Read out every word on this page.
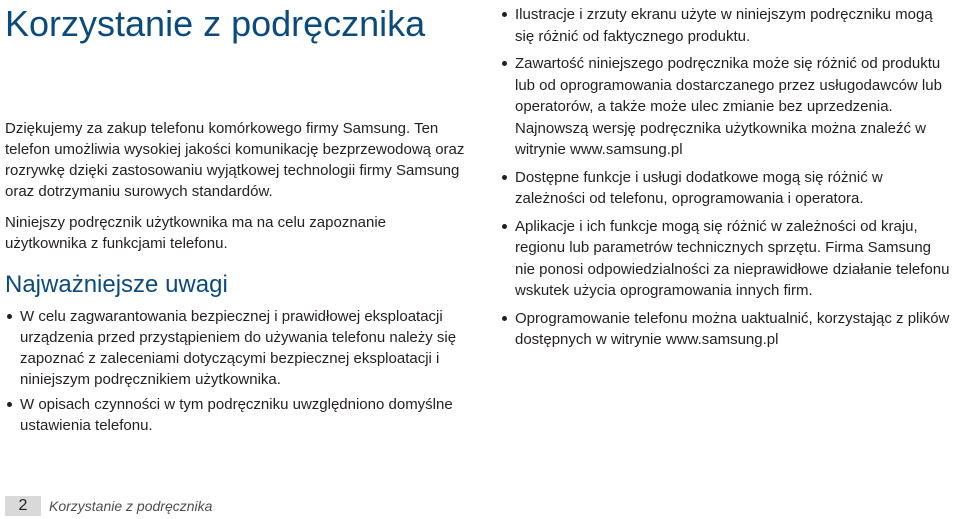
Korzystanie z podręcznika

Dziękujemy za zakup telefonu komórkowego firmy Samsung. Ten telefon umożliwia wysokiej jakości komunikację bezprzewodową oraz rozrywkę dzięki zastosowaniu wyjątkowej technologii firmy Samsung oraz dotrzymaniu surowych standardów.

Niniejszy podręcznik użytkownika ma na celu zapoznanie użytkownika z funkcjami telefonu.

Najważniejsze uwagi
W celu zagwarantowania bezpiecznej i prawidłowej eksploatacji urządzenia przed przystąpieniem do używania telefonu należy się zapoznać z zaleceniami dotyczącymi bezpiecznej eksploatacji i niniejszym podręcznikiem użytkownika.
W opisach czynności w tym podręczniku uwzględniono domyślne ustawienia telefonu.
Ilustracje i zrzuty ekranu użyte w niniejszym podręczniku mogą się różnić od faktycznego produktu.
Zawartość niniejszego podręcznika może się różnić od produktu lub od oprogramowania dostarczanego przez usługodawców lub operatorów, a także może ulec zmianie bez uprzedzenia. Najnowszą wersję podręcznika użytkownika można znaleźć w witrynie www.samsung.pl
Dostępne funkcje i usługi dodatkowe mogą się różnić w zależności od telefonu, oprogramowania i operatora.
Aplikacje i ich funkcje mogą się różnić w zależności od kraju, regionu lub parametrów technicznych sprzętu. Firma Samsung nie ponosi odpowiedzialności za nieprawidłowe działanie telefonu wskutek użycia oprogramowania innych firm.
Oprogramowanie telefonu można uaktualnić, korzystając z plików dostępnych w witrynie www.samsung.pl
2	Korzystanie z podręcznika
